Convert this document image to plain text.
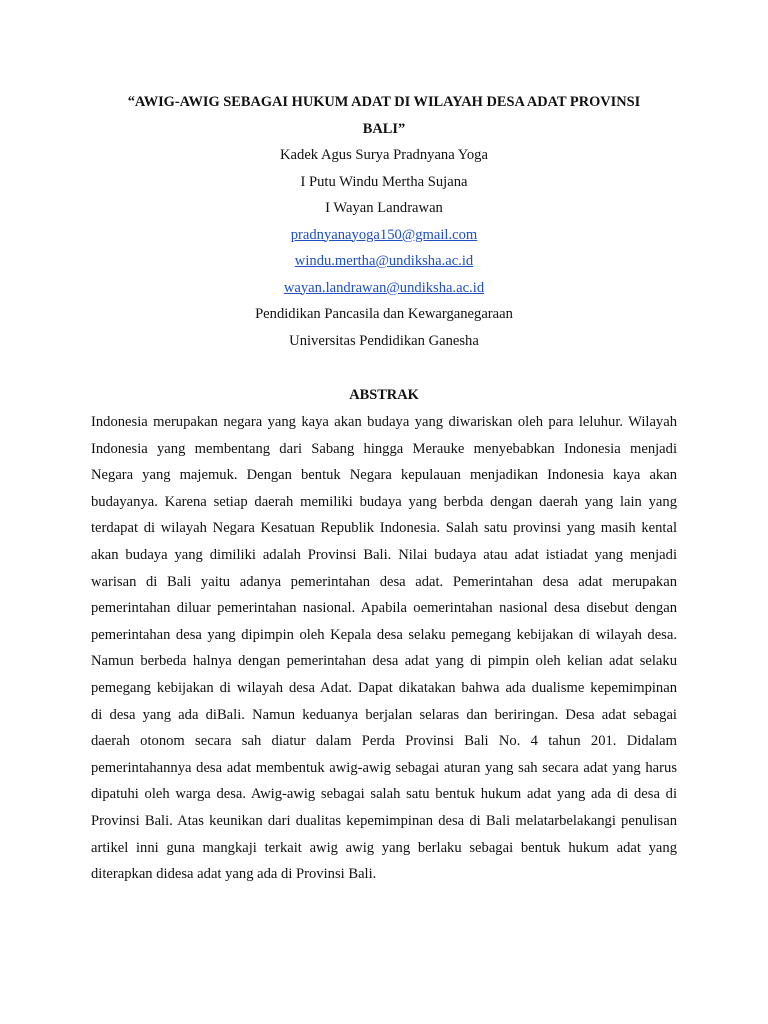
“AWIG-AWIG SEBAGAI HUKUM ADAT DI WILAYAH DESA ADAT PROVINSI
BALI”
Kadek Agus Surya Pradnyana Yoga
I Putu Windu Mertha Sujana
I Wayan Landrawan
pradnyanayoga150@gmail.com
windu.mertha@undiksha.ac.id
wayan.landrawan@undiksha.ac.id
Pendidikan Pancasila dan Kewarganegaraan
Universitas Pendidikan Ganesha
ABSTRAK
Indonesia merupakan negara yang kaya akan budaya yang diwariskan oleh para leluhur. Wilayah
Indonesia yang membentang dari Sabang hingga Merauke menyebabkan Indonesia menjadi
Negara yang majemuk. Dengan bentuk Negara kepulauan menjadikan Indonesia kaya akan
budayanya. Karena setiap daerah memiliki budaya yang berbda dengan daerah yang lain yang
terdapat di wilayah Negara Kesatuan Republik Indonesia. Salah satu provinsi yang masih kental
akan budaya yang dimiliki adalah Provinsi Bali. Nilai budaya atau adat istiadat yang menjadi
warisan di Bali yaitu adanya pemerintahan desa adat. Pemerintahan desa adat merupakan
pemerintahan diluar pemerintahan nasional. Apabila oemerintahan nasional desa disebut dengan
pemerintahan desa yang dipimpin oleh Kepala desa selaku pemegang kebijakan di wilayah desa.
Namun berbeda halnya dengan pemerintahan desa adat yang di pimpin oleh kelian adat selaku
pemegang kebijakan di wilayah desa Adat. Dapat dikatakan bahwa ada dualisme kepemimpinan
di desa yang ada diBali. Namun keduanya berjalan selaras dan beriringan. Desa adat sebagai
daerah otonom secara sah diatur dalam Perda Provinsi Bali No. 4 tahun 201. Didalam
pemerintahannya desa adat membentuk awig-awig sebagai aturan yang sah secara adat yang harus
dipatuhi oleh warga desa. Awig-awig sebagai salah satu bentuk hukum adat yang ada di desa di
Provinsi Bali. Atas keunikan dari dualitas kepemimpinan desa di Bali melatarbelakangi penulisan
artikel inni guna mangkaji terkait awig awig yang berlaku sebagai bentuk hukum adat yang
diterapkan didesa adat yang ada di Provinsi Bali.
